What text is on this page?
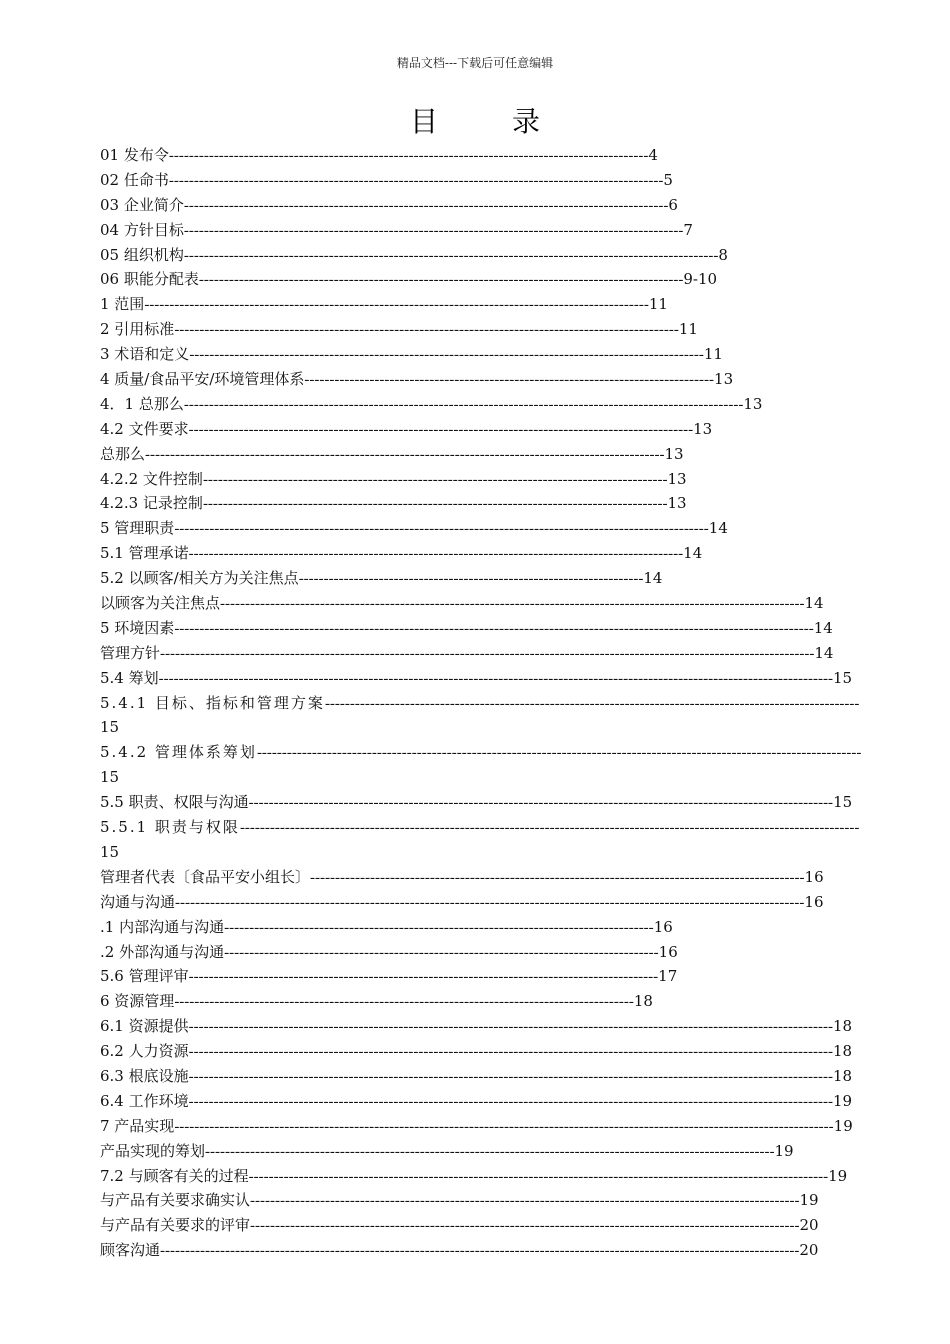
精品文档---下载后可任意编辑
目	录
01 发布令------------------------------------------------------------------------------------------------4
02 任命书---------------------------------------------------------------------------------------------------5
03 企业简介-------------------------------------------------------------------------------------------------6
04 方针目标----------------------------------------------------------------------------------------------------7
05 组织机构-----------------------------------------------------------------------------------------------------------8
06 职能分配表-------------------------------------------------------------------------------------------------9-10
1 范围-----------------------------------------------------------------------------------------------------11
2 引用标准-----------------------------------------------------------------------------------------------------11
3 术语和定义-------------------------------------------------------------------------------------------------------11
4 质量/食品平安/环境管理体系----------------------------------------------------------------------------------13
4．1 总那么----------------------------------------------------------------------------------------------------------------13
4.2 文件要求-----------------------------------------------------------------------------------------------------13
总那么--------------------------------------------------------------------------------------------------------13
4.2.2 文件控制---------------------------------------------------------------------------------------------13
4.2.3 记录控制---------------------------------------------------------------------------------------------13
5 管理职责-----------------------------------------------------------------------------------------------------------14
5.1 管理承诺---------------------------------------------------------------------------------------------------14
5.2 以顾客/相关方为关注焦点---------------------------------------------------------------------14
以顾客为关注焦点---------------------------------------------------------------------------------------------------------------------14
5 环境因素--------------------------------------------------------------------------------------------------------------------------------14
管理方针-----------------------------------------------------------------------------------------------------------------------------------14
5.4 筹划---------------------------------------------------------------------------------------------------------------------------------------15
5.4.1 目标、指标和管理方案-----------------------------------------------------------------------------------------------------------
15
5.4.2 管理体系筹划-------------------------------------------------------------------------------------------------------------------------
15
5.5 职责、权限与沟通---------------------------------------------------------------------------------------------------------------------15
5.5.1 职责与权限----------------------------------------------------------------------------------------------------------------------------
15
管理者代表〔食品平安小组长〕---------------------------------------------------------------------------------------------------16
沟通与沟通------------------------------------------------------------------------------------------------------------------------------16
.1 内部沟通与沟通--------------------------------------------------------------------------------------16
.2 外部沟通与沟通---------------------------------------------------------------------------------------16
5.6 管理评审----------------------------------------------------------------------------------------------17
6 资源管理--------------------------------------------------------------------------------------------18
6.1 资源提供---------------------------------------------------------------------------------------------------------------------------------18
6.2 人力资源---------------------------------------------------------------------------------------------------------------------------------18
6.3 根底设施---------------------------------------------------------------------------------------------------------------------------------18
6.4 工作环境---------------------------------------------------------------------------------------------------------------------------------19
7 产品实现------------------------------------------------------------------------------------------------------------------------------------19
产品实现的筹划------------------------------------------------------------------------------------------------------------------19
7.2 与顾客有关的过程--------------------------------------------------------------------------------------------------------------------19
与产品有关要求确实认--------------------------------------------------------------------------------------------------------------19
与产品有关要求的评审--------------------------------------------------------------------------------------------------------------20
顾客沟通--------------------------------------------------------------------------------------------------------------------------------20
